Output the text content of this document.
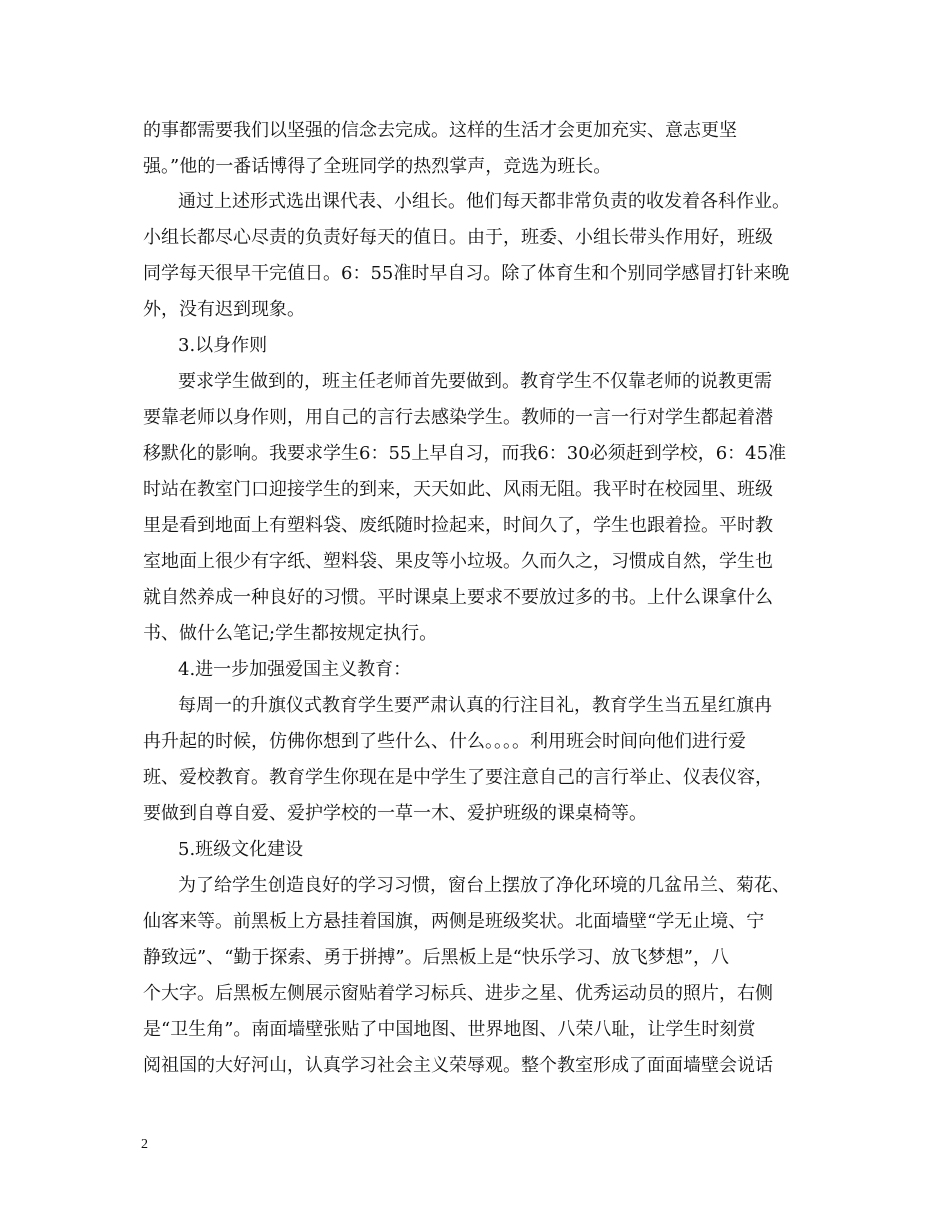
的事都需要我们以坚强的信念去完成。这样的生活才会更加充实、意志更坚
强。”他的一番话博得了全班同学的热烈掌声，竞选为班长。
通过上述形式选出课代表、小组长。他们每天都非常负责的收发着各科作业。
小组长都尽心尽责的负责好每天的值日。由于，班委、小组长带头作用好，班级
同学每天很早干完值日。6：55准时早自习。除了体育生和个别同学感冒打针来晚
外，没有迟到现象。
3.以身作则
要求学生做到的，班主任老师首先要做到。教育学生不仅靠老师的说教更需
要靠老师以身作则，用自己的言行去感染学生。教师的一言一行对学生都起着潜
移默化的影响。我要求学生6：55上早自习，而我6：30必须赶到学校，6：45准
时站在教室门口迎接学生的到来，天天如此、风雨无阻。我平时在校园里、班级
里是看到地面上有塑料袋、废纸随时捡起来，时间久了，学生也跟着捡。平时教
室地面上很少有字纸、塑料袋、果皮等小垃圾。久而久之，习惯成自然，学生也
就自然养成一种良好的习惯。平时课桌上要求不要放过多的书。上什么课拿什么
书、做什么笔记;学生都按规定执行。
4.进一步加强爱国主义教育：
每周一的升旗仪式教育学生要严肃认真的行注目礼，教育学生当五星红旗冉
冉升起的时候，仿佛你想到了些什么、什么。。。。利用班会时间向他们进行爱
班、爱校教育。教育学生你现在是中学生了要注意自己的言行举止、仪表仪容，
要做到自尊自爱、爱护学校的一草一木、爱护班级的课桌椅等。
5.班级文化建设
为了给学生创造良好的学习习惯，窗台上摆放了净化环境的几盆吊兰、菊花、
仙客来等。前黑板上方悬挂着国旗，两侧是班级奖状。北面墙壁“学无止境、宁
静致远”、“勤于探索、勇于拼搏”。后黑板上是“快乐学习、放飞梦想”，八
个大字。后黑板左侧展示窗贴着学习标兵、进步之星、优秀运动员的照片，右侧
是“卫生角”。南面墙壁张贴了中国地图、世界地图、八荣八耻，让学生时刻赏
阅祖国的大好河山，认真学习社会主义荣辱观。整个教室形成了面面墙壁会说话
2
